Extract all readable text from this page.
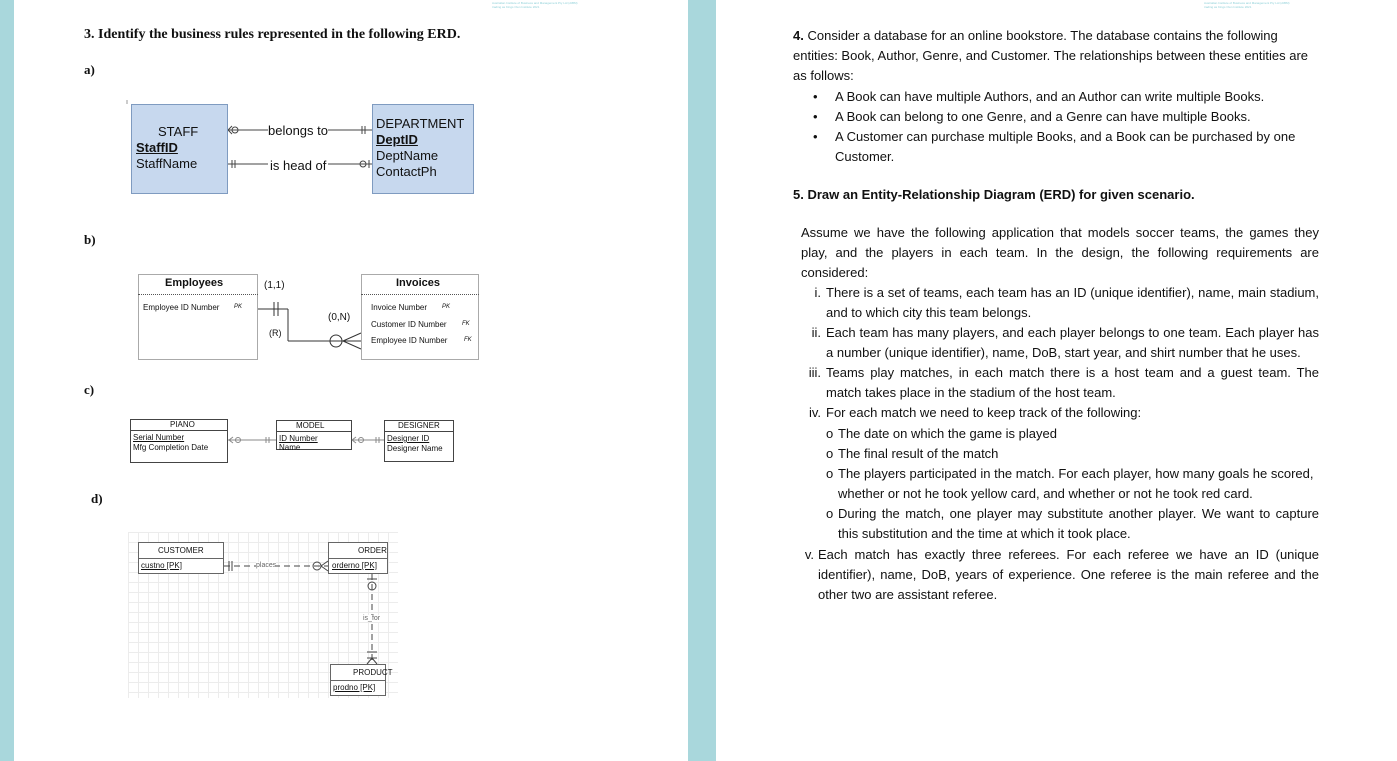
Australian Institute of Business and Management Pty Ltd (AIBM)
trading as Kings Own Institute 2021
Australian Institute of Business and Management Pty Ltd (AIBM)
trading as Kings Own Institute 2021
3. Identify the business rules represented in the following ERD.
a)
b)
c)
d)
STAFF
StaffID
StaffName
belongs to
is head of
DEPARTMENT
DeptID
DeptName
ContactPh
Employees
Employee ID Number PK
(1,1)
(R)
(0,N)
Invoices
Invoice Number PK
Customer ID Number	FK
Employee ID Number	FK
PIANO
Serial Number
Mfg Completion Date
MODEL
ID Number
Name
DESIGNER
Designer ID
Designer Name
CUSTOMER
custno [PK]
ORDER
orderno [PK]
PRODUCT
prodno [PK]
places
is_for

4. Consider a database for an online bookstore. The database contains the following entities: Book, Author, Genre, and Customer. The relationships between these entities are as follows:

• A Book can have multiple Authors, and an Author can write multiple Books.
• A Book can belong to one Genre, and a Genre can have multiple Books.
• A Customer can purchase multiple Books, and a Book can be purchased by one Customer.
5. Draw an Entity-Relationship Diagram (ERD) for given scenario.

Assume we have the following application that models soccer teams, the games they play, and the players in each team. In the design, the following requirements are considered:

i. There is a set of teams, each team has an ID (unique identifier), name, main stadium, and to which city this team belongs.
ii. Each team has many players, and each player belongs to one team. Each player has a number (unique identifier), name, DoB, start year, and shirt number that he uses.
iii. Teams play matches, in each match there is a host team and a guest team. The match takes place in the stadium of the host team.
iv. For each match we need to keep track of the following:
o The date on which the game is played
o The final result of the match
o The players participated in the match. For each player, how many goals he scored, whether or not he took yellow card, and whether or not he took red card.
o During the match, one player may substitute another player. We want to capture this substitution and the time at which it took place.
v. Each match has exactly three referees. For each referee we have an ID (unique identifier), name, DoB, years of experience. One referee is the main referee and the other two are assistant referee.
